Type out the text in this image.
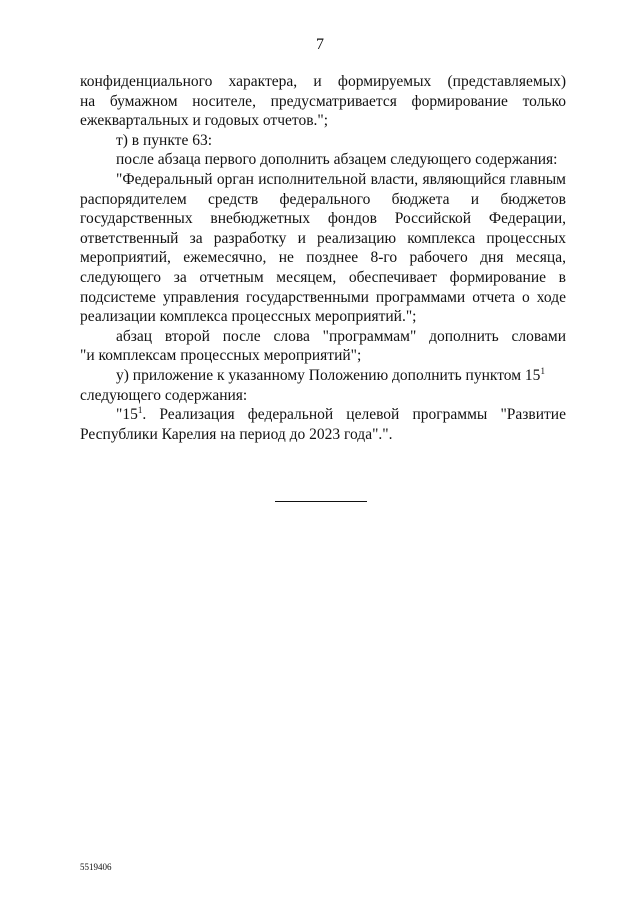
7

конфиденциального характера, и формируемых (представляемых)
на бумажном носителе, предусматривается формирование только
ежеквартальных и годовых отчетов.";

т) в пункте 63:

после абзаца первого дополнить абзацем следующего содержания:

"Федеральный орган исполнительной власти, являющийся главным
распорядителем средств федерального бюджета и бюджетов
государственных внебюджетных фондов Российской Федерации,
ответственный за разработку и реализацию комплекса процессных
мероприятий, ежемесячно, не позднее 8-го рабочего дня месяца,
следующего за отчетным месяцем, обеспечивает формирование в
подсистеме управления государственными программами отчета о ходе
реализации комплекса процессных мероприятий.";

абзац второй после слова "программам" дополнить словами
"и комплексам процессных мероприятий";

у) приложение к указанному Положению дополнить пунктом $15^1$
следующего содержания:

"$15^1$. Реализация федеральной целевой программы "Развитие
Республики Карелия на период до 2023 года".".

5519406
